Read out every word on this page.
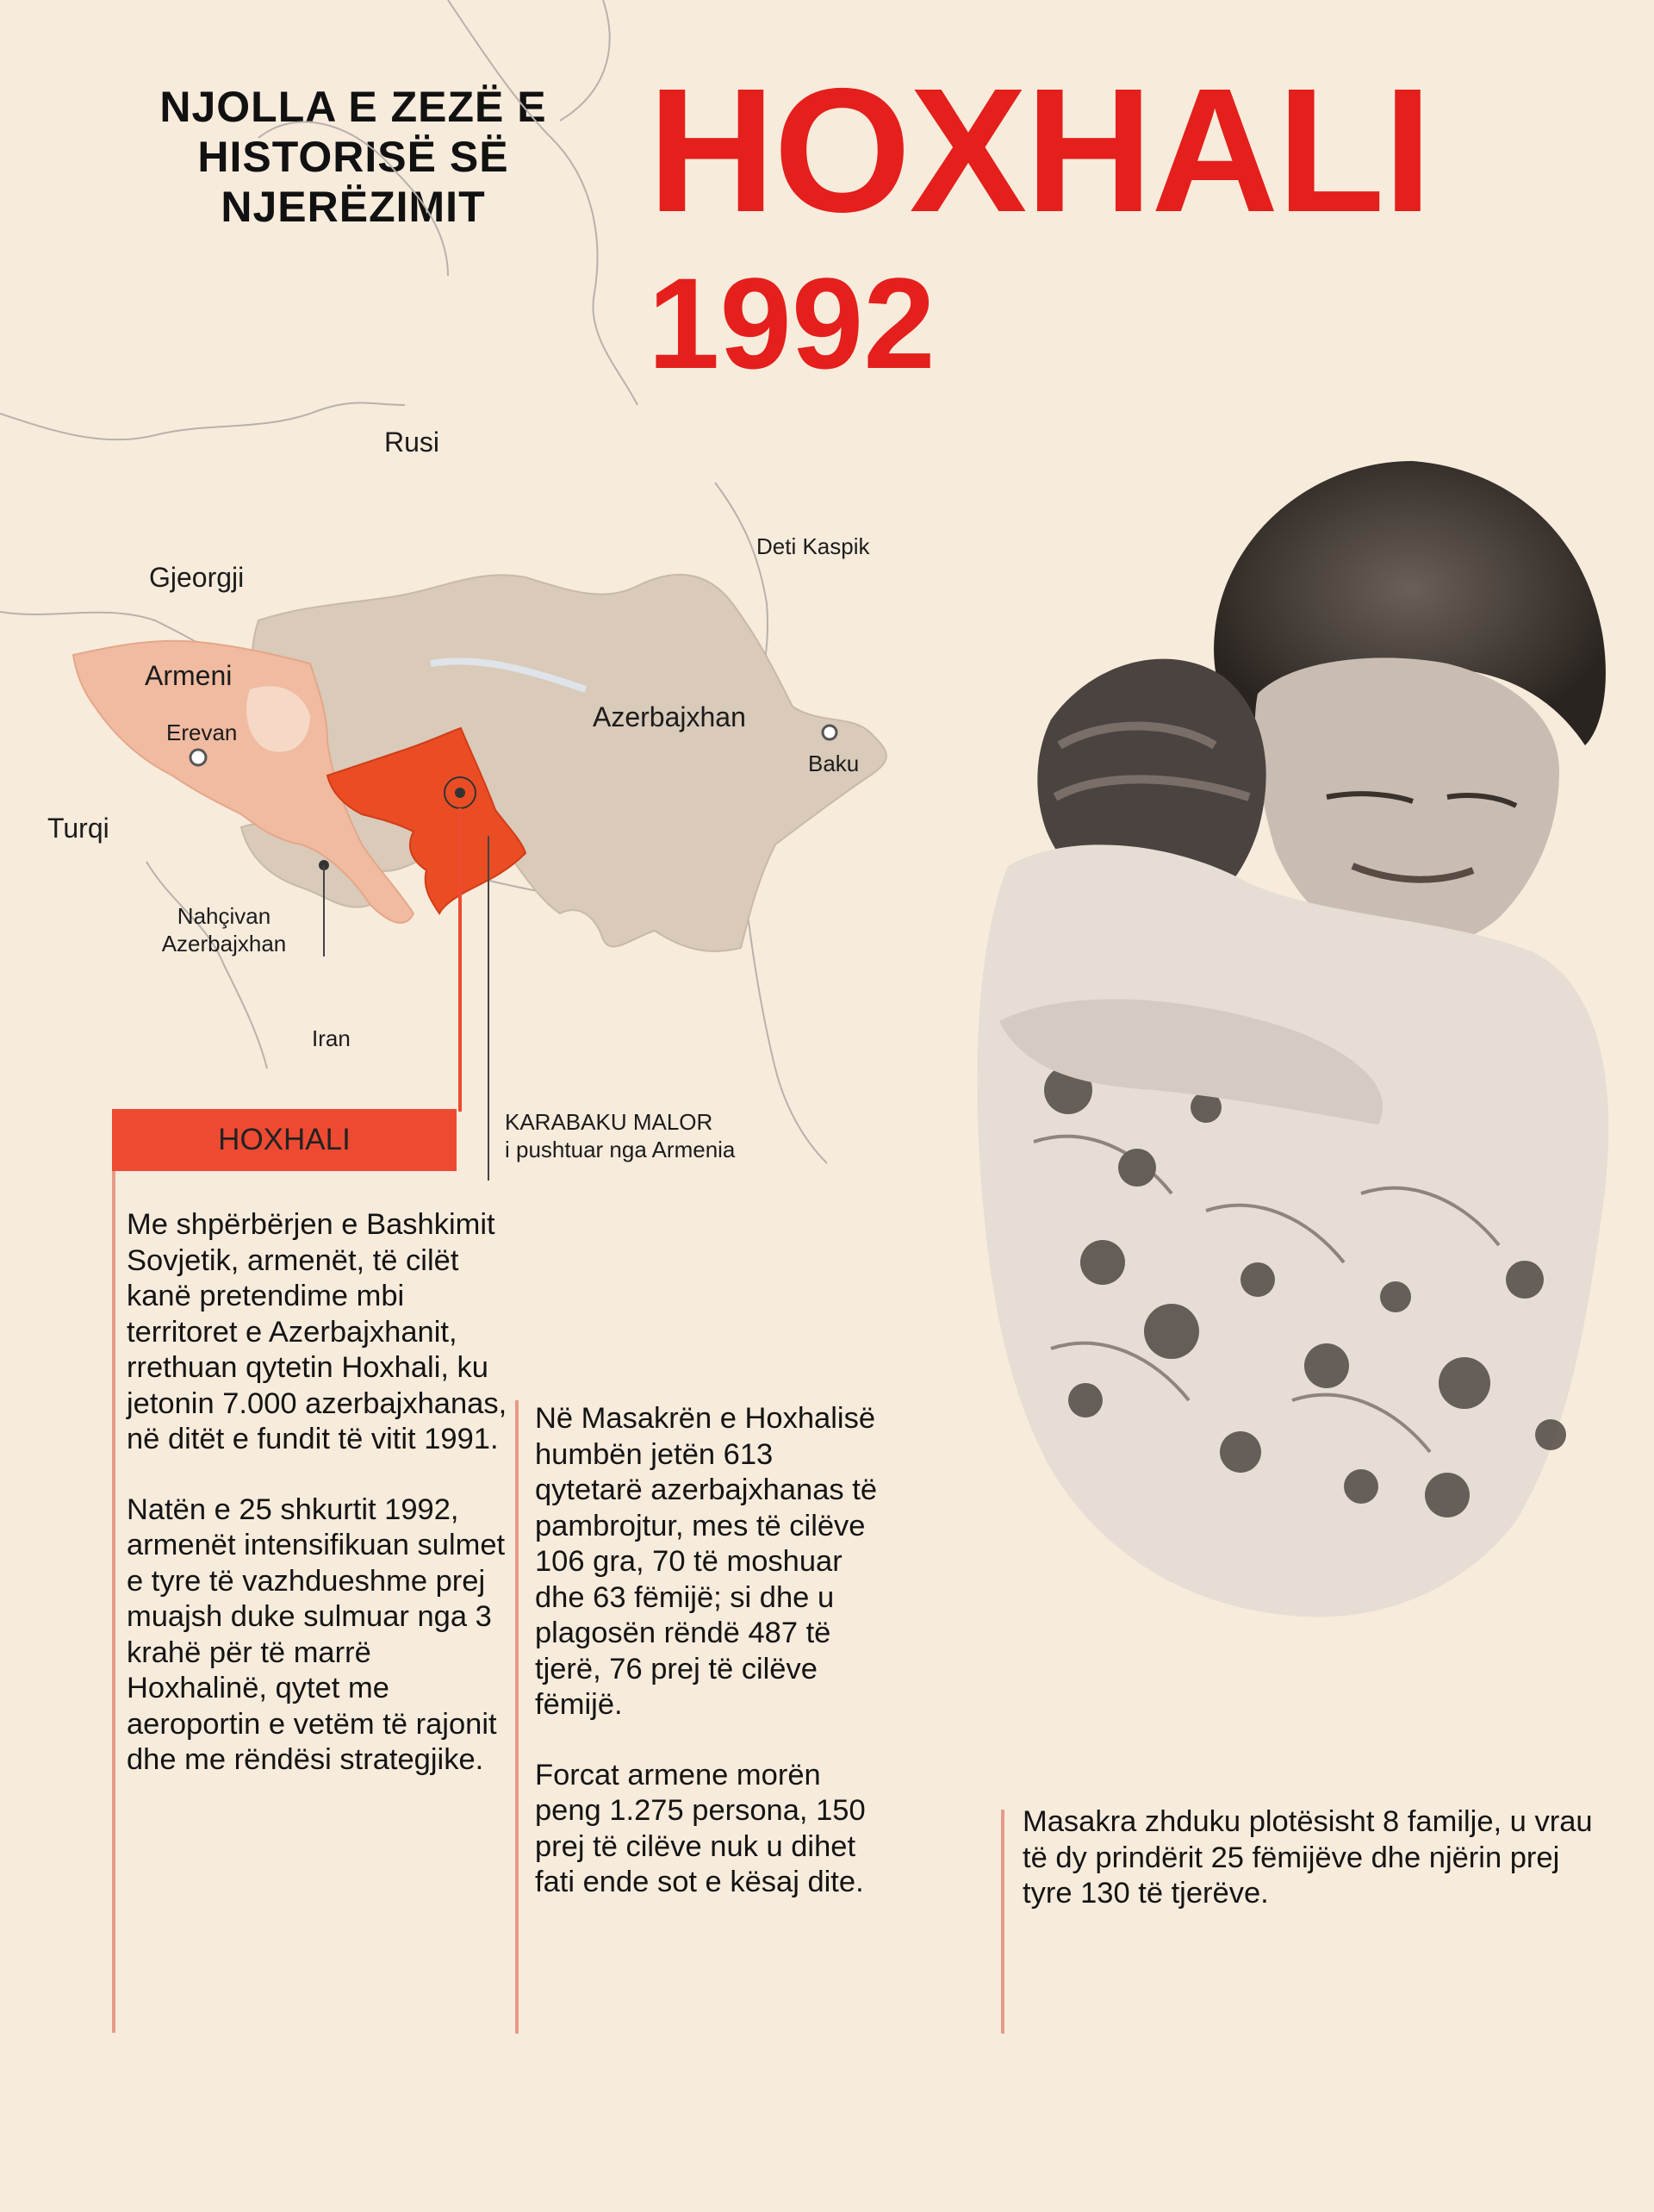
NJOLLA E ZEZË E
HISTORISË SË
NJERËZIMIT HOXHALI
1992
Rusi
Deti Kaspik
Gjeorgji
Armeni
Erevan	Azerbajxhan
Baku
Turqi
Nahçivan
Azerbajxhan
Iran
KARABAKU MALOR
i pushtuar nga Armenia
HOXHALI

Me shpërbërjen e Bashkimit Sovjetik, armenët, të cilët kanë pretendime mbi territoret e Azerbajxhanit, rrethuan qytetin Hoxhali, ku jetonin 7.000 azerbajxhanas, në ditët e fundit të vitit 1991.

Natën e 25 shkurtit 1992, armenët intensifikuan sulmet e tyre të vazhdueshme prej muajsh duke sulmuar nga 3 krahë për të marrë Hoxhalinë, qytet me aeroportin e vetëm të rajonit dhe me rëndësi strategjike.

Në Masakrën e Hoxhalisë humbën jetën 613 qytetarë azerbajxhanas të pambrojtur, mes të cilëve 106 gra, 70 të moshuar dhe 63 fëmijë; si dhe u plagosën rëndë 487 të tjerë, 76 prej të cilëve fëmijë.

Forcat armene morën peng 1.275 persona, 150 prej të cilëve nuk u dihet fati ende sot e kësaj dite.

Masakra zhduku plotësisht 8 familje, u vrau të dy prindërit 25 fëmijëve dhe njërin prej tyre 130 të tjerëve.
